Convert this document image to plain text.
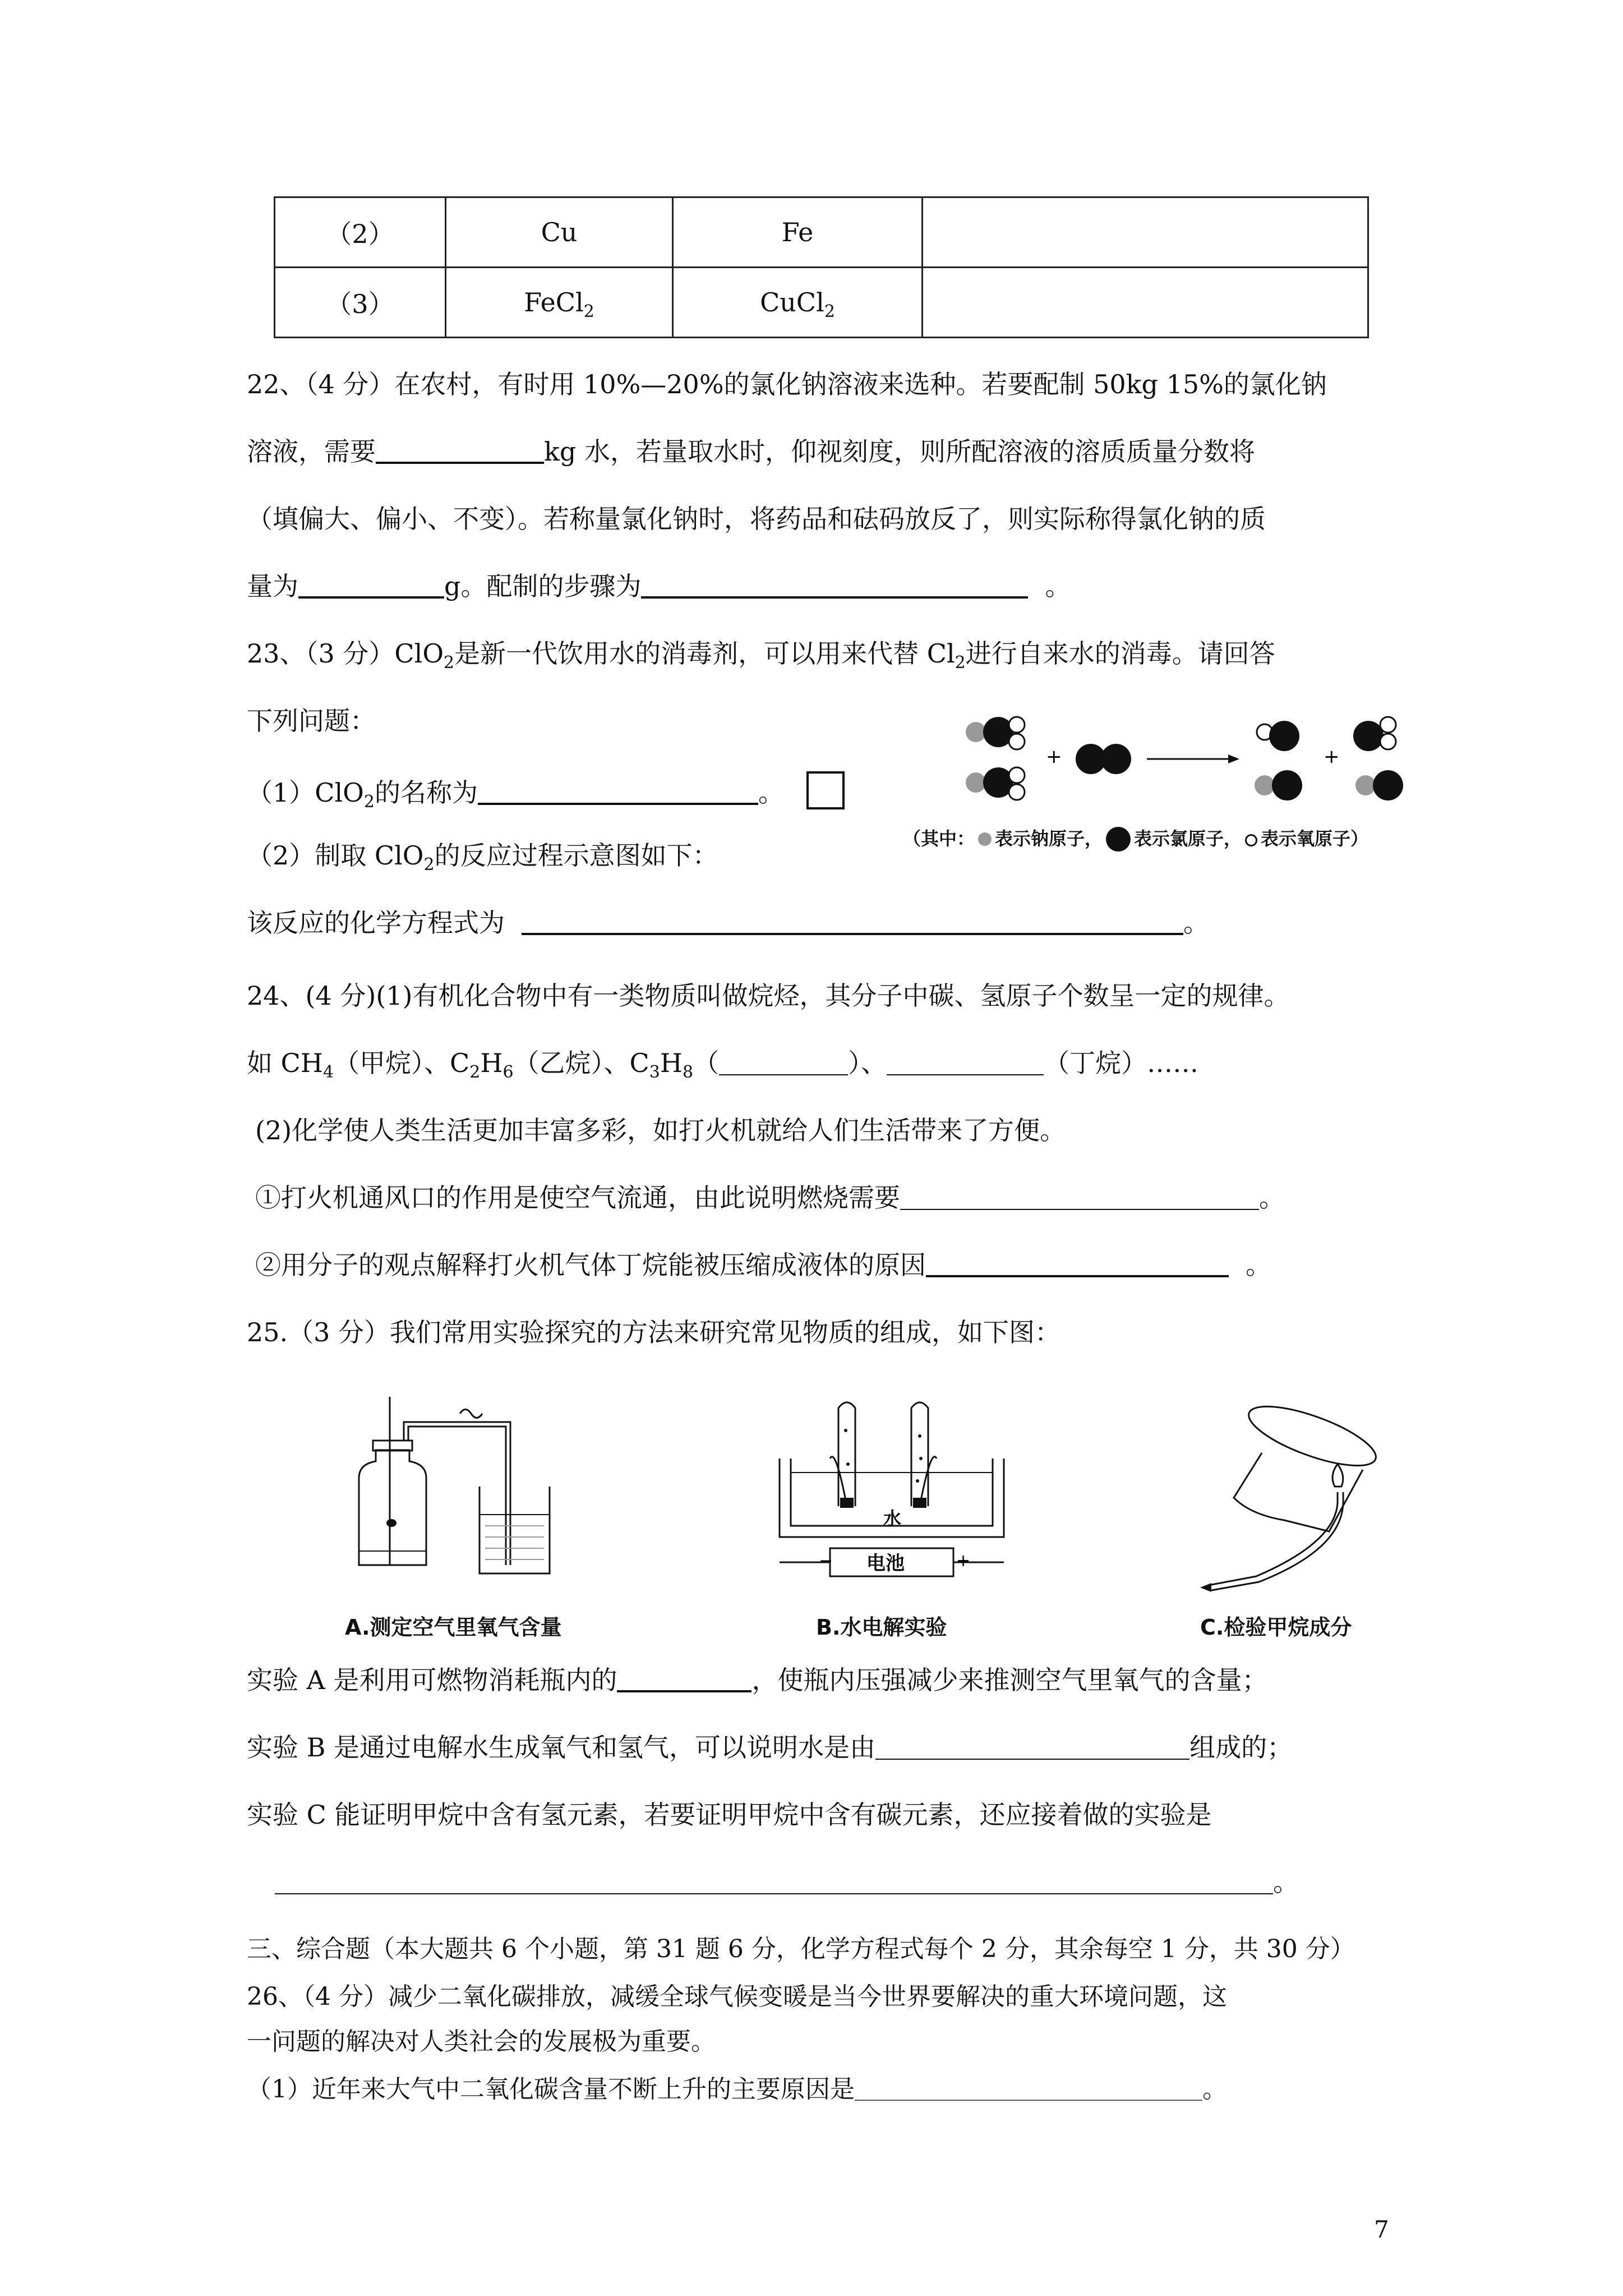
（2）	Cu	Fe	
（3）	FeCl$_2$	CuCl$_2$	
22、（4 分）在农村，有时用 10%—20%的氯化钠溶液来选种。若要配制 50kg 15%的氯化钠
溶液，需要	kg 水，若量取水时，仰视刻度，则所配溶液的溶质质量分数将
（填偏大、偏小、不变）。若称量氯化钠时，将药品和砝码放反了，则实际称得氯化钠的质
量为	g。配制的步骤为	。
23、（3 分）ClO$_2$是新一代饮用水的消毒剂，可以用来代替 $Cl_2$进行自来水的消毒。请回答
下列问题：
（1）ClO$_2$的名称为	。
（2）制取 ClO$_2$的反应过程示意图如下：
该反应的化学方程式为	。
+	+
（其中： 表示钠原子， 表示氯原子， 表示氧原子）
24、(4 分)(1)有机化合物中有一类物质叫做烷烃，其分子中碳、氢原子个数呈一定的规律。
如 $CH_4$（甲烷）、$C_2H_6$（乙烷）、$C_3H_8$（	）、	（丁烷）……
(2)化学使人类生活更加丰富多彩，如打火机就给人们生活带来了方便。
①打火机通风口的作用是使空气流通，由此说明燃烧需要	。
②用分子的观点解释打火机气体丁烷能被压缩成液体的原因	。
25.（3 分）我们常用实验探究的方法来研究常见物质的组成，如下图：
A.测定空气里氧气含量
水
电池
−	+
B.水电解实验	C.检验甲烷成分
实验 A 是利用可燃物消耗瓶内的	，使瓶内压强减少来推测空气里氧气的含量；
实验 B 是通过电解水生成氧气和氢气，可以说明水是由	组成的；
实验 C 能证明甲烷中含有氢元素，若要证明甲烷中含有碳元素，还应接着做的实验是
。
三、综合题（本大题共 6 个小题，第 31 题 6 分，化学方程式每个 2 分，其余每空 1 分，共 30 分）
26、（4 分）减少二氧化碳排放，减缓全球气候变暖是当今世界要解决的重大环境问题，这
一问题的解决对人类社会的发展极为重要。
（1）近年来大气中二氧化碳含量不断上升的主要原因是	。
7
